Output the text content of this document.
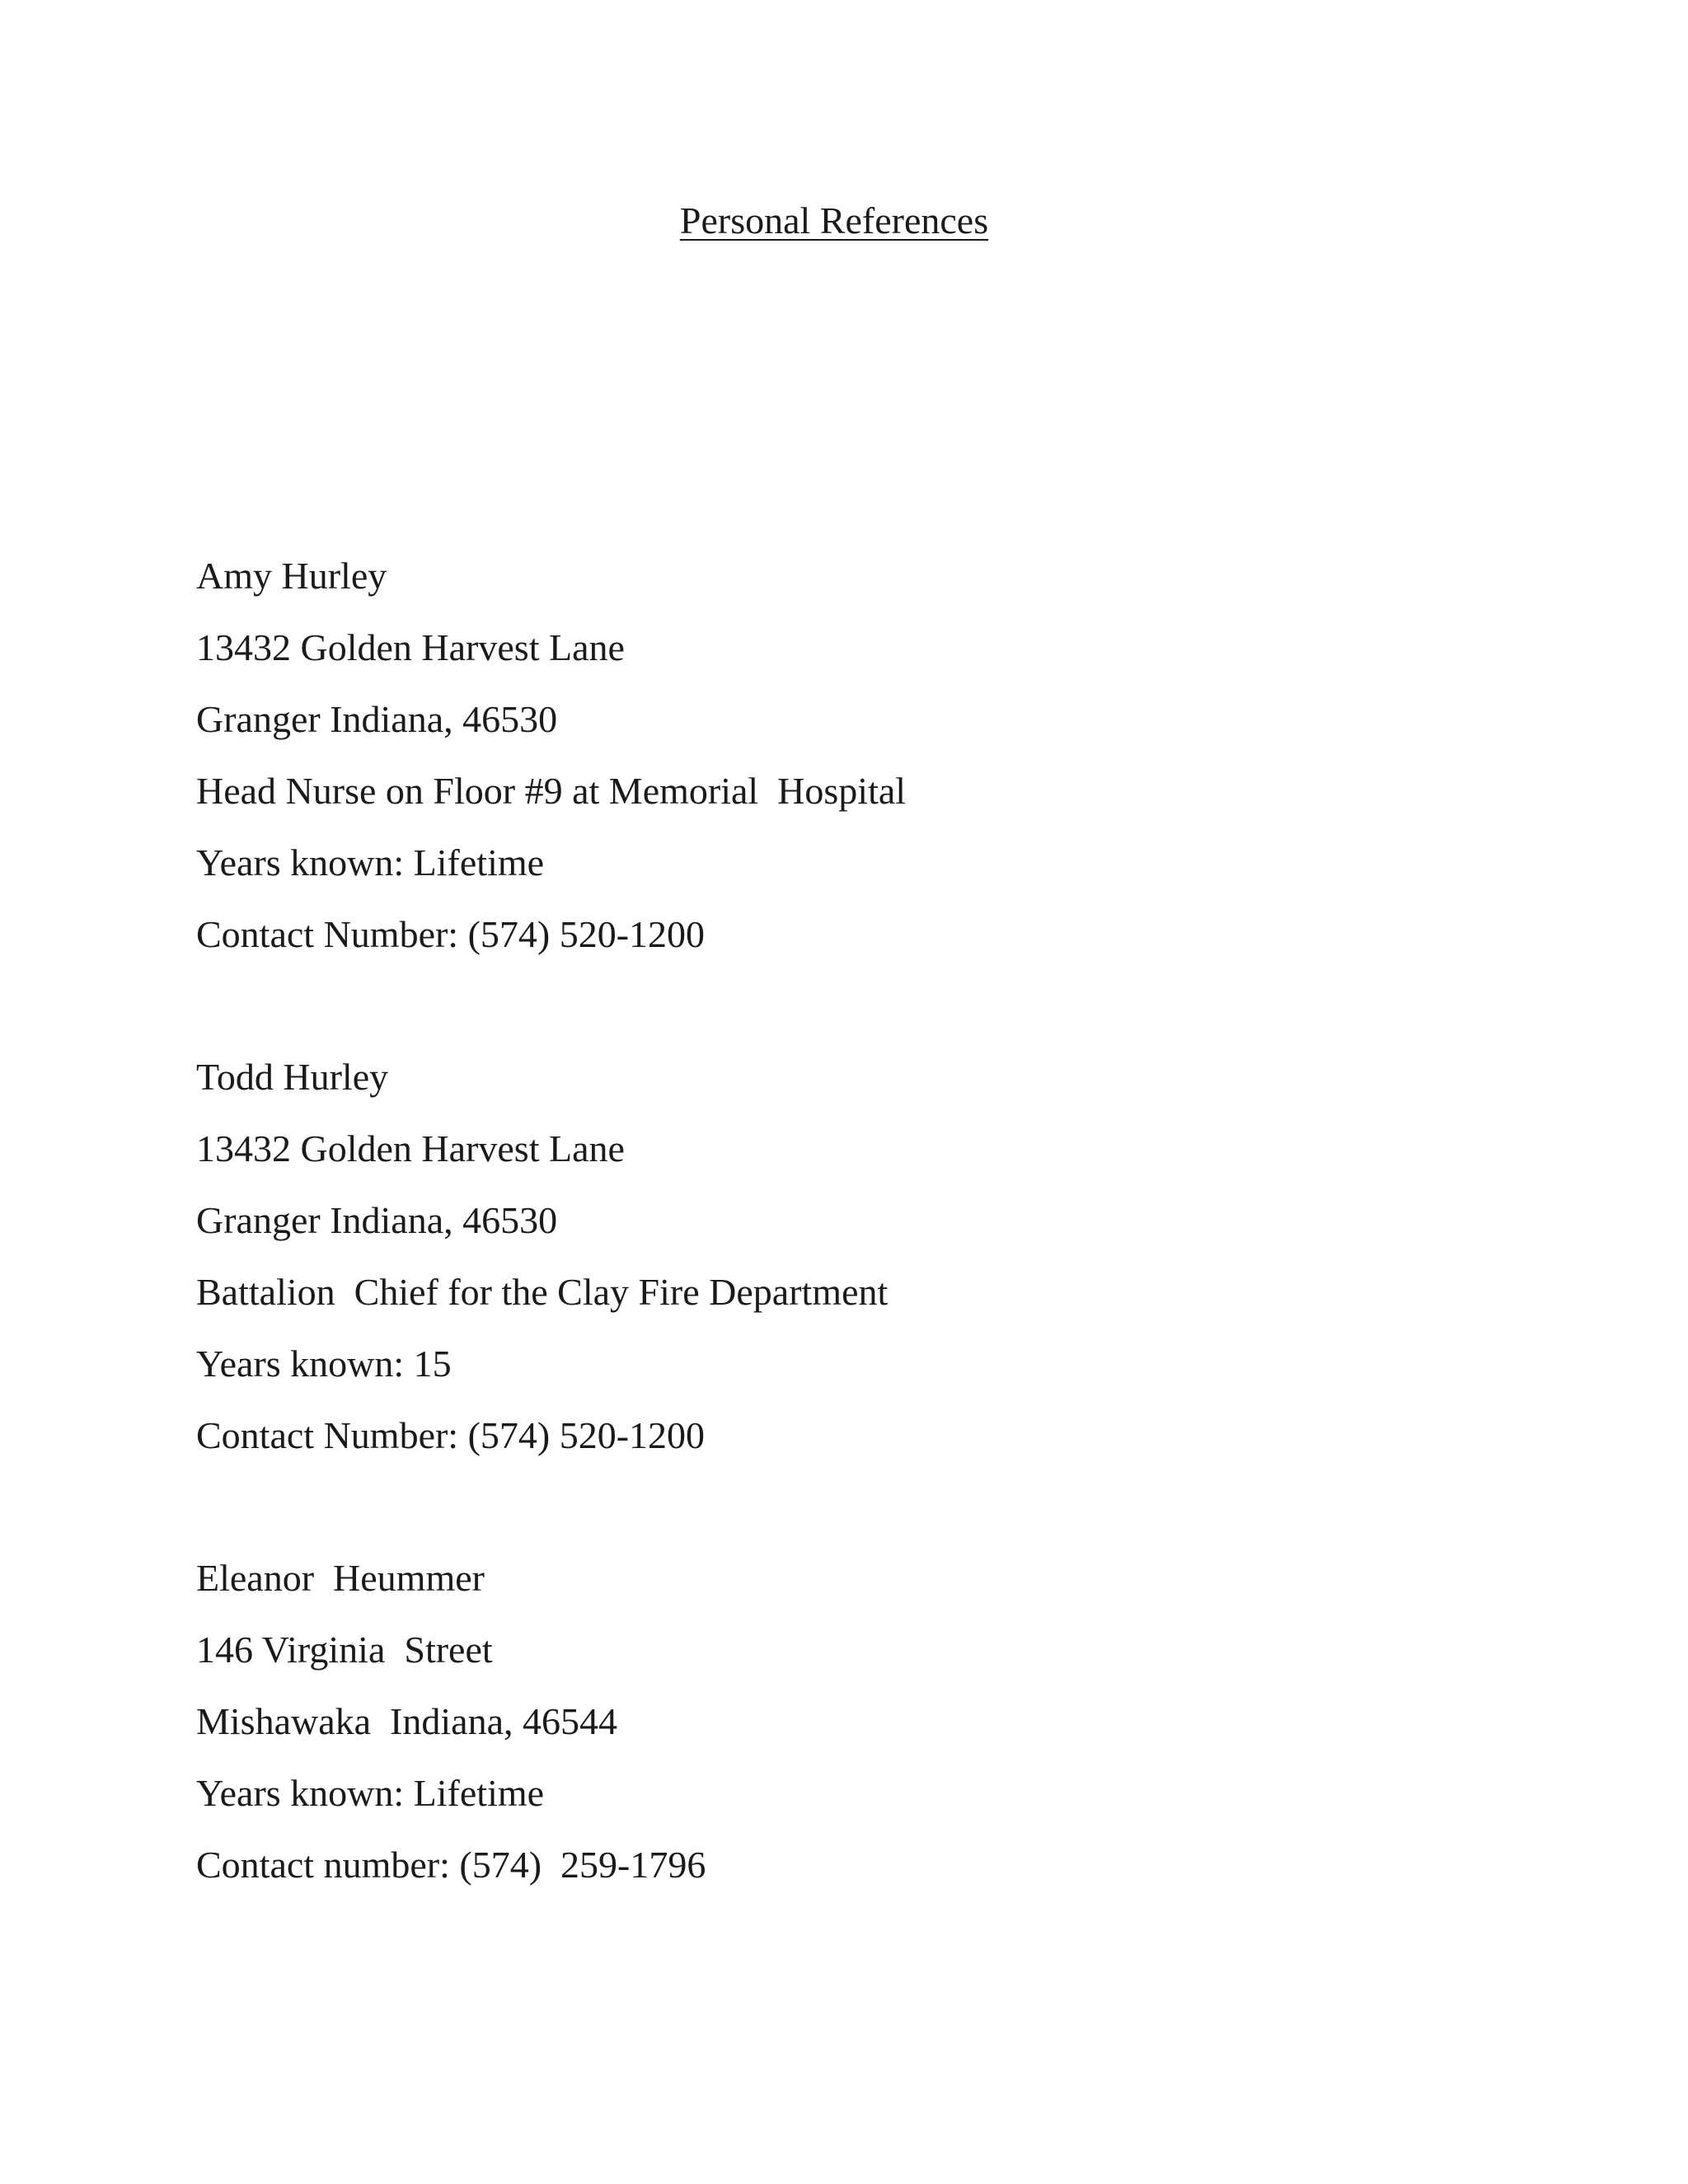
Personal References
Amy Hurley
13432 Golden Harvest Lane
Granger Indiana, 46530
Head Nurse on Floor #9 at Memorial  Hospital
Years known: Lifetime
Contact Number: (574) 520-1200
Todd Hurley
13432 Golden Harvest Lane
Granger Indiana, 46530
Battalion  Chief for the Clay Fire Department
Years known: 15
Contact Number: (574) 520-1200
Eleanor  Heummer
146 Virginia  Street
Mishawaka  Indiana, 46544
Years known: Lifetime
Contact number: (574)  259-1796
